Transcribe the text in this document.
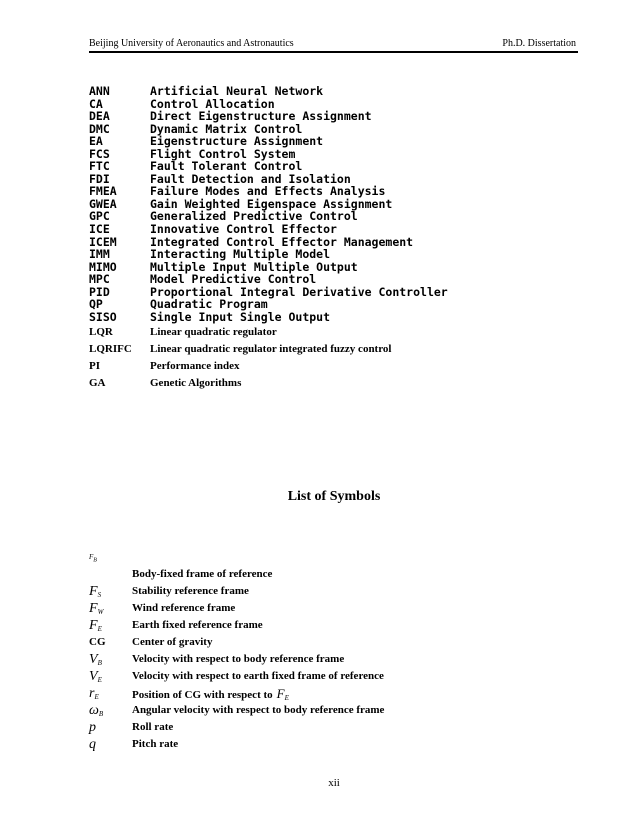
Beijing University of Aeronautics and Astronautics	Ph.D. Dissertation
ANN	Artificial Neural Network
CA	Control Allocation
DEA	Direct Eigenstructure Assignment
DMC	Dynamic Matrix Control
EA	Eigenstructure Assignment
FCS	Flight Control System
FTC	Fault Tolerant Control
FDI	Fault Detection and Isolation
FMEA	Failure Modes and Effects Analysis
GWEA	Gain Weighted Eigenspace Assignment
GPC	Generalized Predictive Control
ICE	Innovative Control Effector
ICEM	Integrated Control Effector Management
IMM	Interacting Multiple Model
MIMO	Multiple Input Multiple Output
MPC	Model Predictive Control
PID	Proportional Integral Derivative Controller
QP	Quadratic Program
SISO	Single Input Single Output
LQR	Linear quadratic regulator
LQRIFC Linear quadratic regulator integrated fuzzy control
PI	Performance index
GA	Genetic Algorithms
List of Symbols
$F_B$
Body-fixed frame of reference
$F_S$	Stability reference frame
$F_W$	Wind reference frame
$F_E$	Earth fixed reference frame
CG Center of gravity
$V_B$	Velocity with respect to body reference frame
$V_E$	Velocity with respect to earth fixed frame of reference
$r_E$	Position of CG with respect to $F_E$
$\omega_B$	Angular velocity with respect to body reference frame
p	Roll rate
q	Pitch rate
xii
